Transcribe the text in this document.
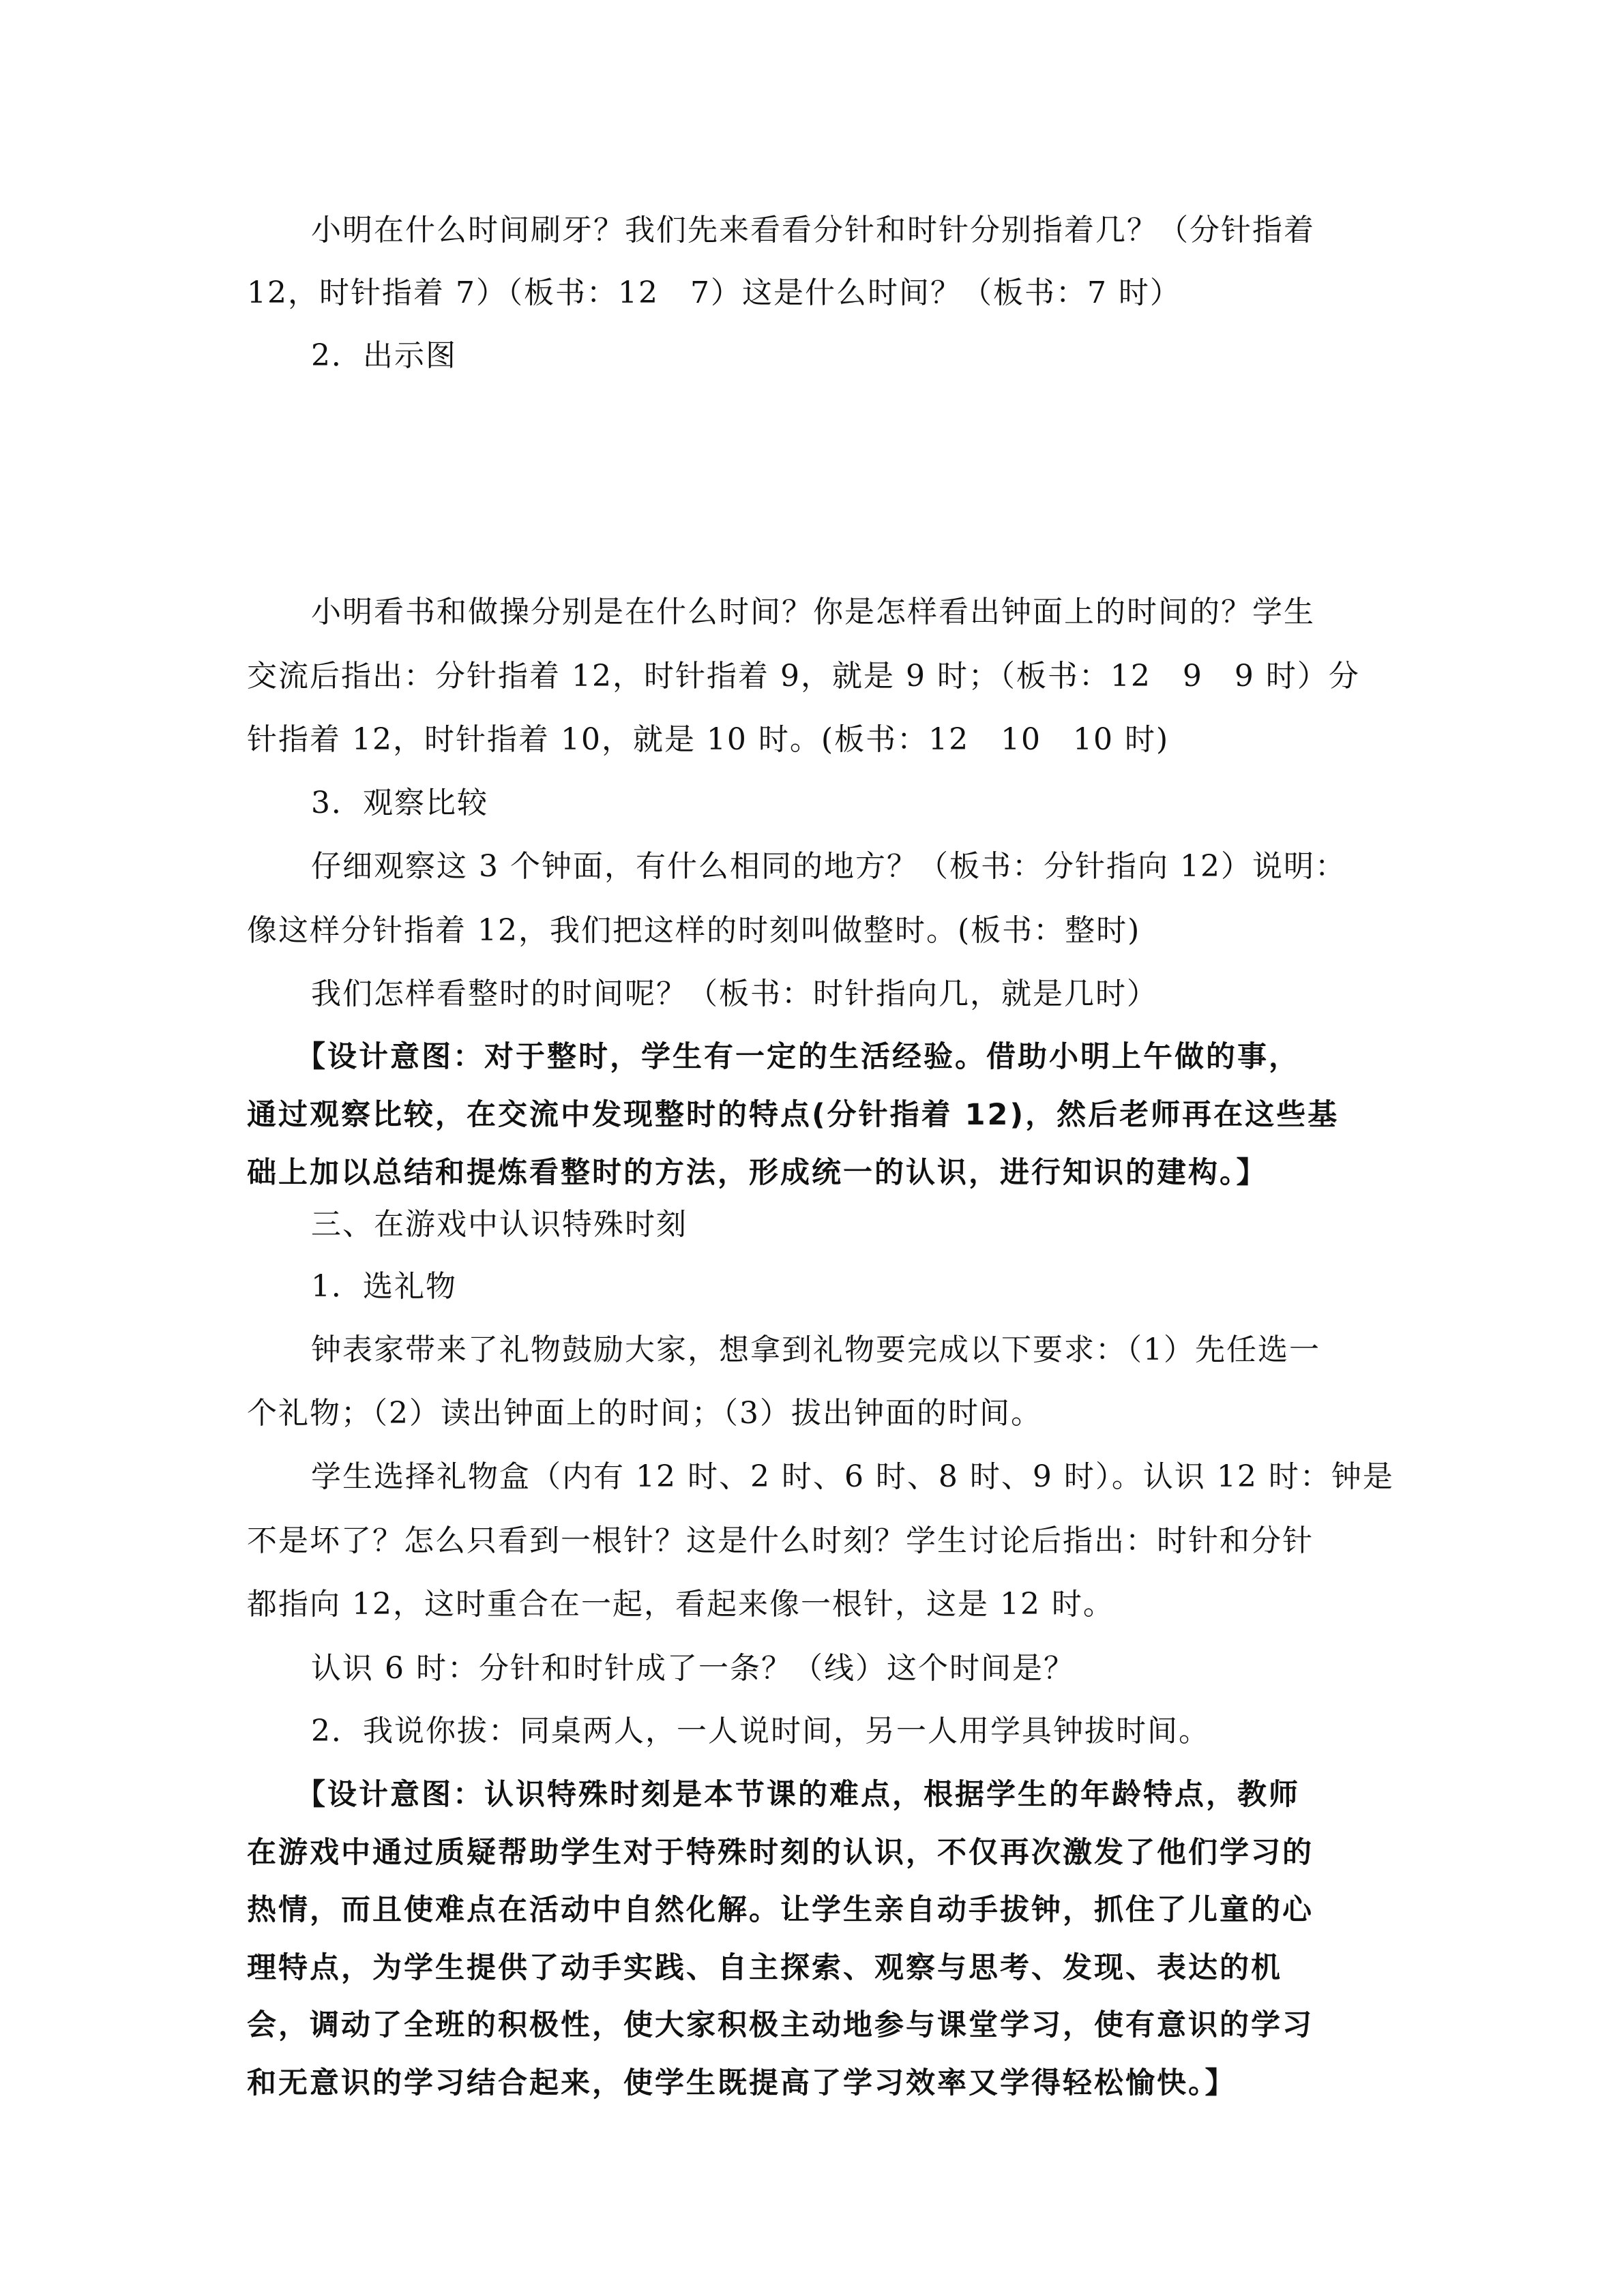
小明在什么时间刷牙？我们先来看看分针和时针分别指着几？（分针指着
12，时针指着 7）（板书：12　7）这是什么时间？（板书：7 时）
2．出示图
小明看书和做操分别是在什么时间？你是怎样看出钟面上的时间的？学生
交流后指出：分针指着 12，时针指着 9，就是 9 时；（板书：12　9　9 时）分
针指着 12，时针指着 10，就是 10 时。(板书：12　10　10 时)
3．观察比较
仔细观察这 3 个钟面，有什么相同的地方？（板书：分针指向 12）说明：
像这样分针指着 12，我们把这样的时刻叫做整时。(板书：整时)
我们怎样看整时的时间呢？（板书：时针指向几，就是几时）
【设计意图：对于整时，学生有一定的生活经验。借助小明上午做的事，
通过观察比较，在交流中发现整时的特点(分针指着 12)，然后老师再在这些基
础上加以总结和提炼看整时的方法，形成统一的认识，进行知识的建构。】
三、在游戏中认识特殊时刻
1．选礼物
钟表家带来了礼物鼓励大家，想拿到礼物要完成以下要求：（1）先任选一
个礼物；（2）读出钟面上的时间；（3）拔出钟面的时间。
学生选择礼物盒（内有 12 时、2 时、6 时、8 时、9 时）。认识 12 时：钟是
不是坏了？怎么只看到一根针？这是什么时刻？学生讨论后指出：时针和分针
都指向 12，这时重合在一起，看起来像一根针，这是 12 时。
认识 6 时：分针和时针成了一条？（线）这个时间是？
2．我说你拔：同桌两人，一人说时间，另一人用学具钟拔时间。
【设计意图：认识特殊时刻是本节课的难点，根据学生的年龄特点，教师
在游戏中通过质疑帮助学生对于特殊时刻的认识，不仅再次激发了他们学习的
热情，而且使难点在活动中自然化解。让学生亲自动手拔钟，抓住了儿童的心
理特点，为学生提供了动手实践、自主探索、观察与思考、发现、表达的机
会，调动了全班的积极性，使大家积极主动地参与课堂学习，使有意识的学习
和无意识的学习结合起来，使学生既提高了学习效率又学得轻松愉快。】
